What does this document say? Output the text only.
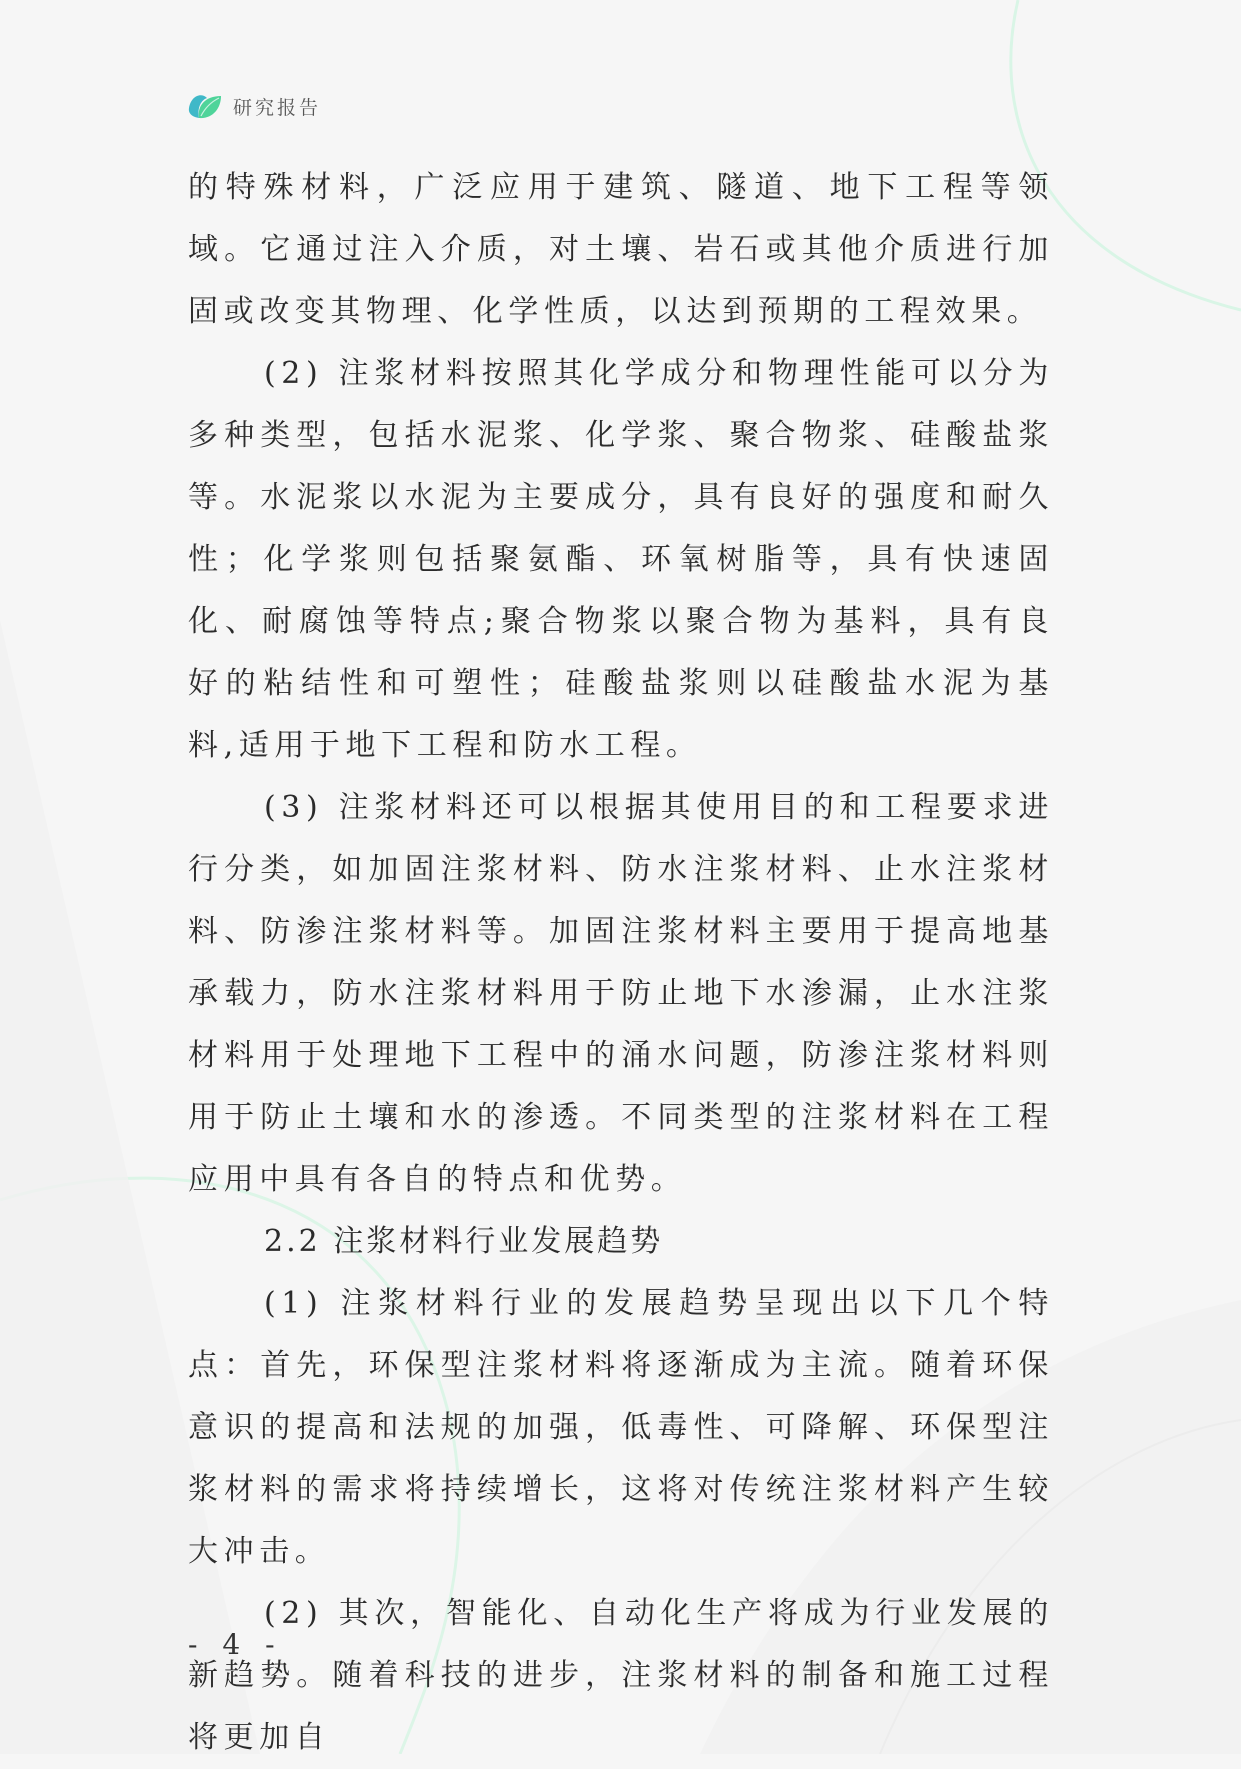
研究报告

的特殊材料，广泛应用于建筑、隧道、地下工程等领域。它通过注入介质，对土壤、岩石或其他介质进行加固或改变其物理、化学性质，以达到预期的工程效果。

(2) 注浆材料按照其化学成分和物理性能可以分为多种类型，包括水泥浆、化学浆、聚合物浆、硅酸盐浆等。水泥浆以水泥为主要成分，具有良好的强度和耐久性；化学浆则包括聚氨酯、环氧树脂等，具有快速固化、耐腐蚀等特点;聚合物浆以聚合物为基料，具有良好的粘结性和可塑性；硅酸盐浆则以硅酸盐水泥为基料,适用于地下工程和防水工程。

(3) 注浆材料还可以根据其使用目的和工程要求进行分类，如加固注浆材料、防水注浆材料、止水注浆材料、防渗注浆材料等。加固注浆材料主要用于提高地基承载力，防水注浆材料用于防止地下水渗漏，止水注浆材料用于处理地下工程中的涌水问题，防渗注浆材料则用于防止土壤和水的渗透。不同类型的注浆材料在工程应用中具有各自的特点和优势。

2.2 注浆材料行业发展趋势

(1) 注浆材料行业的发展趋势呈现出以下几个特点：首先，环保型注浆材料将逐渐成为主流。随着环保意识的提高和法规的加强，低毒性、可降解、环保型注浆材料的需求将持续增长，这将对传统注浆材料产生较大冲击。

(2) 其次，智能化、自动化生产将成为行业发展的新趋势。随着科技的进步，注浆材料的制备和施工过程将更加自

- 4 -
